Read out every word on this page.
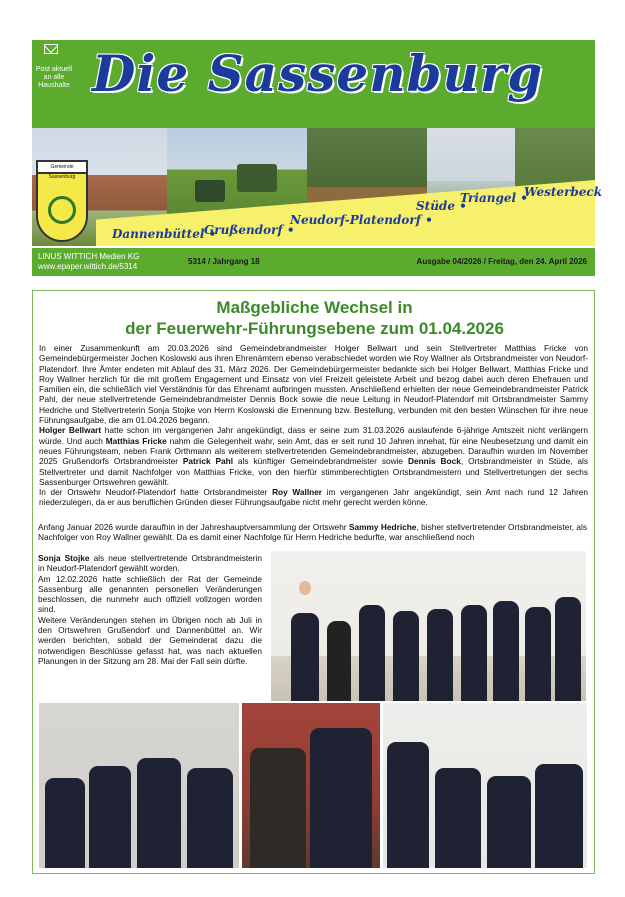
Post aktuell an alle Haushalte Die Sassenburg
Gemeinde Sassenburg
Dannenbüttel •
Grußendorf •
Neudorf-Platendorf •
Stüde •
Triangel •
Westerbeck
LINUS WITTICH Medien KG
www.epaper.wittich.de/5314
5314 / Jahrgang 18	Ausgabe 04/2026 / Freitag, den 24. April 2026
Maßgebliche Wechsel in
der Feuerwehr-Führungsebene zum 01.04.2026

In einer Zusammenkunft am 20.03.2026 sind Gemeindebrandmeister Holger Bellwart und sein Stellvertreter Matthias Fricke von Gemeindebürgermeister Jochen Koslowski aus ihren Ehrenämtern ebenso verabschiedet worden wie Roy Wallner als Ortsbrandmeister von Neudorf-Platendorf. Ihre Ämter endeten mit Ablauf des 31. März 2026. Der Gemeindebürgermeister bedankte sich bei Holger Bellwart, Matthias Fricke und Roy Wallner herzlich für die mit großem Engagement und Einsatz von viel Freizeit geleistete Arbeit und bezog dabei auch deren Ehefrauen und Familien ein, die schließlich viel Verständnis für das Ehrenamt aufbringen mussten. Anschließend erhielten der neue Gemeindebrandmeister Patrick Pahl, der neue stellvertretende Gemeindebrandmeister Dennis Bock sowie die neue Leitung in Neudorf-Platendorf mit Ortsbrandmeister Sammy Hedriche und Stellvertreterin Sonja Stojke von Herrn Koslowski die Ernennung bzw. Bestellung, verbunden mit den besten Wünschen für ihre neue Führungsaufgabe, die am 01.04.2026 begann.

Holger Bellwart hatte schon im vergangenen Jahr angekündigt, dass er seine zum 31.03.2026 auslaufende 6-jährige Amtszeit nicht verlängern würde. Und auch Matthias Fricke nahm die Gelegenheit wahr, sein Amt, das er seit rund 10 Jahren innehat, für eine Neubesetzung und damit ein neues Führungsteam, neben Frank Orthmann als weiterem stellvertretenden Gemeindebrandmeister, abzugeben. Daraufhin wurden im November 2025 Grußendorfs Ortsbrandmeister Patrick Pahl als künftiger Gemeindebrandmeister sowie Dennis Bock, Ortsbrandmeister in Stüde, als Stellvertreter und damit Nachfolger von Matthias Fricke, von den hierfür stimmberechtigten Ortsbrandmeistern und Stellvertretungen der sechs Sassenburger Ortswehren gewählt.

In der Ortswehr Neudorf-Platendorf hatte Ortsbrandmeister Roy Wallner im vergangenen Jahr angekündigt, sein Amt nach rund 12 Jahren niederzulegen, da er aus beruflichen Gründen dieser Führungsaufgabe nicht mehr gerecht werden könne.

Anfang Januar 2026 wurde daraufhin in der Jahreshauptversammlung der Ortswehr Sammy Hedriche, bisher stellvertretender Ortsbrandmeister, als Nachfolger von Roy Wallner gewählt. Da es damit einer Nachfolge für Herrn Hedriche bedurfte, war anschließend noch

Sonja Stojke als neue stellvertretende Ortsbrandmeisterin in Neudorf-Platendorf gewählt worden.

Am 12.02.2026 hatte schließlich der Rat der Gemeinde Sassenburg alle genannten personellen Veränderungen beschlossen, die nunmehr auch offiziell vollzogen worden sind.

Weitere Veränderungen stehen im Übrigen noch ab Juli in den Ortswehren Grußendorf und Dannenbüttel an. Wir werden berichten, sobald der Gemeinderat dazu die notwendigen Beschlüsse gefasst hat, was nach aktuellen Planungen in der Sitzung am 28. Mai der Fall sein dürfte.
